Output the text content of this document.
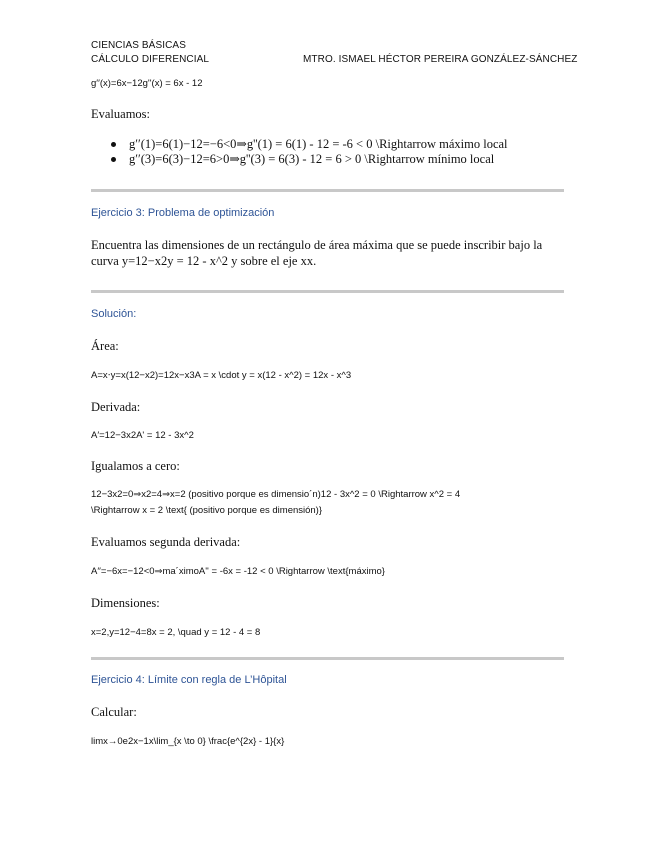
CIENCIAS BÁSICAS
CÁLCULO DIFERENCIAL	MTRO. ISMAEL HÉCTOR PEREIRA GONZÁLEZ-SÁNCHEZ
g′′(x)=6x−12g''(x) = 6x - 12
Evaluamos:
g′′(1)=6(1)−12=−6<0⇒g''(1) = 6(1) - 12 = -6 < 0 \Rightarrow máximo local
g′′(3)=6(3)−12=6>0⇒g''(3) = 6(3) - 12 = 6 > 0 \Rightarrow mínimo local
Ejercicio 3: Problema de optimización
Encuentra las dimensiones de un rectángulo de área máxima que se puede inscribir bajo la
curva y=12−x2y = 12 - x^2 y sobre el eje xx.
Solución:
Área:
A=x⋅y=x(12−x2)=12x−x3A = x \cdot y = x(12 - x^2) = 12x - x^3
Derivada:
A′=12−3x2A' = 12 - 3x^2
Igualamos a cero:
12−3x2=0⇒x2=4⇒x=2 (positivo porque es dimensio´n)12 - 3x^2 = 0 \Rightarrow x^2 = 4
\Rightarrow x = 2 \text{ (positivo porque es dimensión)}
Evaluamos segunda derivada:
A′′=−6x=−12<0⇒ma´ximoA'' = -6x = -12 < 0 \Rightarrow \text{máximo}
Dimensiones:
x=2,y=12−4=8x = 2, \quad y = 12 - 4 = 8
Ejercicio 4: Límite con regla de L’Hôpital
Calcular:
lim⁡x→0e2x−1x\lim_{x \to 0} \frac{e^{2x} - 1}{x}
